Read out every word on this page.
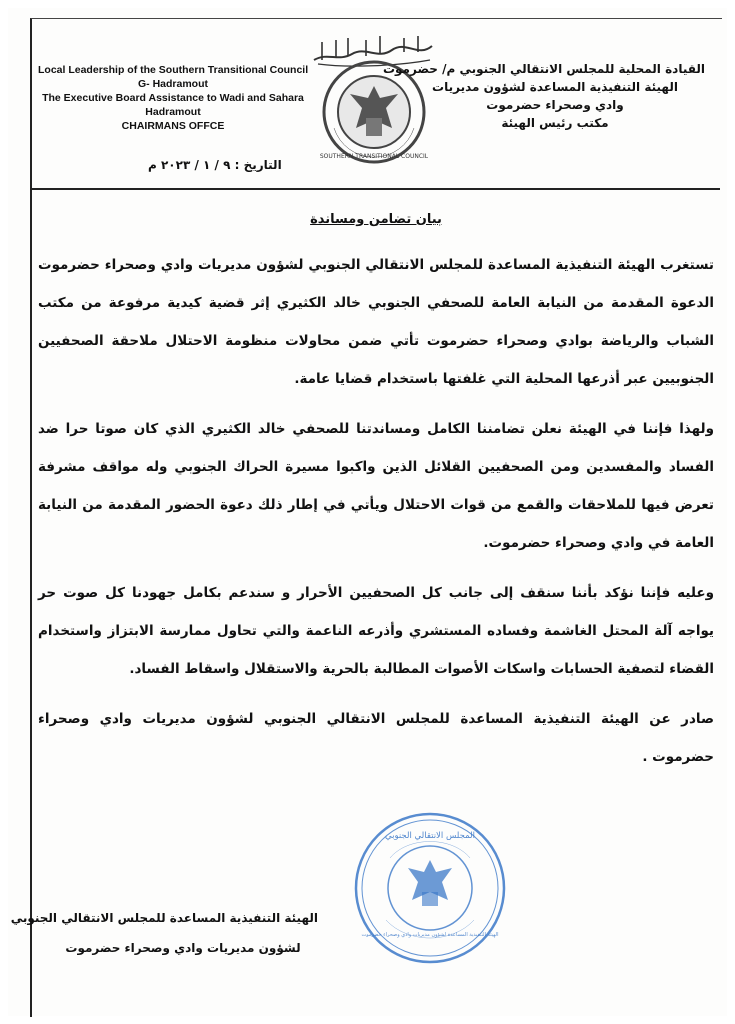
Local Leadership of the Southern Transitional Council
G- Hadramout
The Executive Board Assistance to Wadi and Sahara
Hadramout
CHAIRMANS OFFCE
SOUTHERN TRANSITIONAL COUNCIL
القيادة المحلية للمجلس الانتقالي الجنوبي م/ حضرموت
الهيئة التنفيذية المساعدة لشؤون مديريات
وادي وصحراء حضرموت
مكتب رئيس الهيئة
التاريخ : ٩ / ١ / ٢٠٢٣ م
بيان تضامن ومساندة

تستغرب الهيئة التنفيذية المساعدة للمجلس الانتقالي الجنوبي لشؤون مديريات وادي وصحراء حضرموت الدعوة المقدمة من النيابة العامة للصحفي الجنوبي خالد الكثيري إثر قضية كيدية مرفوعة من مكتب الشباب والرياضة بوادي وصحراء حضرموت تأتي ضمن محاولات منظومة الاحتلال ملاحقة الصحفيين الجنوبيين عبر أذرعها المحلية التي غلفتها باستخدام قضايا عامة.

ولهذا فإننا في الهيئة نعلن تضامننا الكامل ومساندتنا للصحفي خالد الكثيري الذي كان صوتا حرا ضد الفساد والمفسدين ومن الصحفيين القلائل الذين واكبوا مسيرة الحراك الجنوبي وله مواقف مشرفة تعرض فيها للملاحقات والقمع من قوات الاحتلال ويأتي في إطار ذلك دعوة الحضور المقدمة من النيابة العامة في وادي وصحراء حضرموت.

وعليه فإننا نؤكد بأننا سنقف إلى جانب كل الصحفيين الأحرار و سندعم بكامل جهودنا كل صوت حر يواجه آلة المحتل الغاشمة وفساده المستشري وأذرعه الناعمة والتي تحاول ممارسة الابتزاز واستخدام القضاء لتصفية الحسابات واسكات الأصوات المطالبة بالحرية والاستقلال واسقاط الفساد.

صادر عن الهيئة التنفيذية المساعدة للمجلس الانتقالي الجنوبي لشؤون مديريات وادي وصحراء حضرموت .

المجلس الانتقالي الجنوبي
الهيئة التنفيذية المساعدة لشؤون مديريات وادي وصحراء حضرموت
الهيئة التنفيذية المساعدة للمجلس الانتقالي الجنوبي
لشؤون مديريات وادي وصحراء حضرموت
